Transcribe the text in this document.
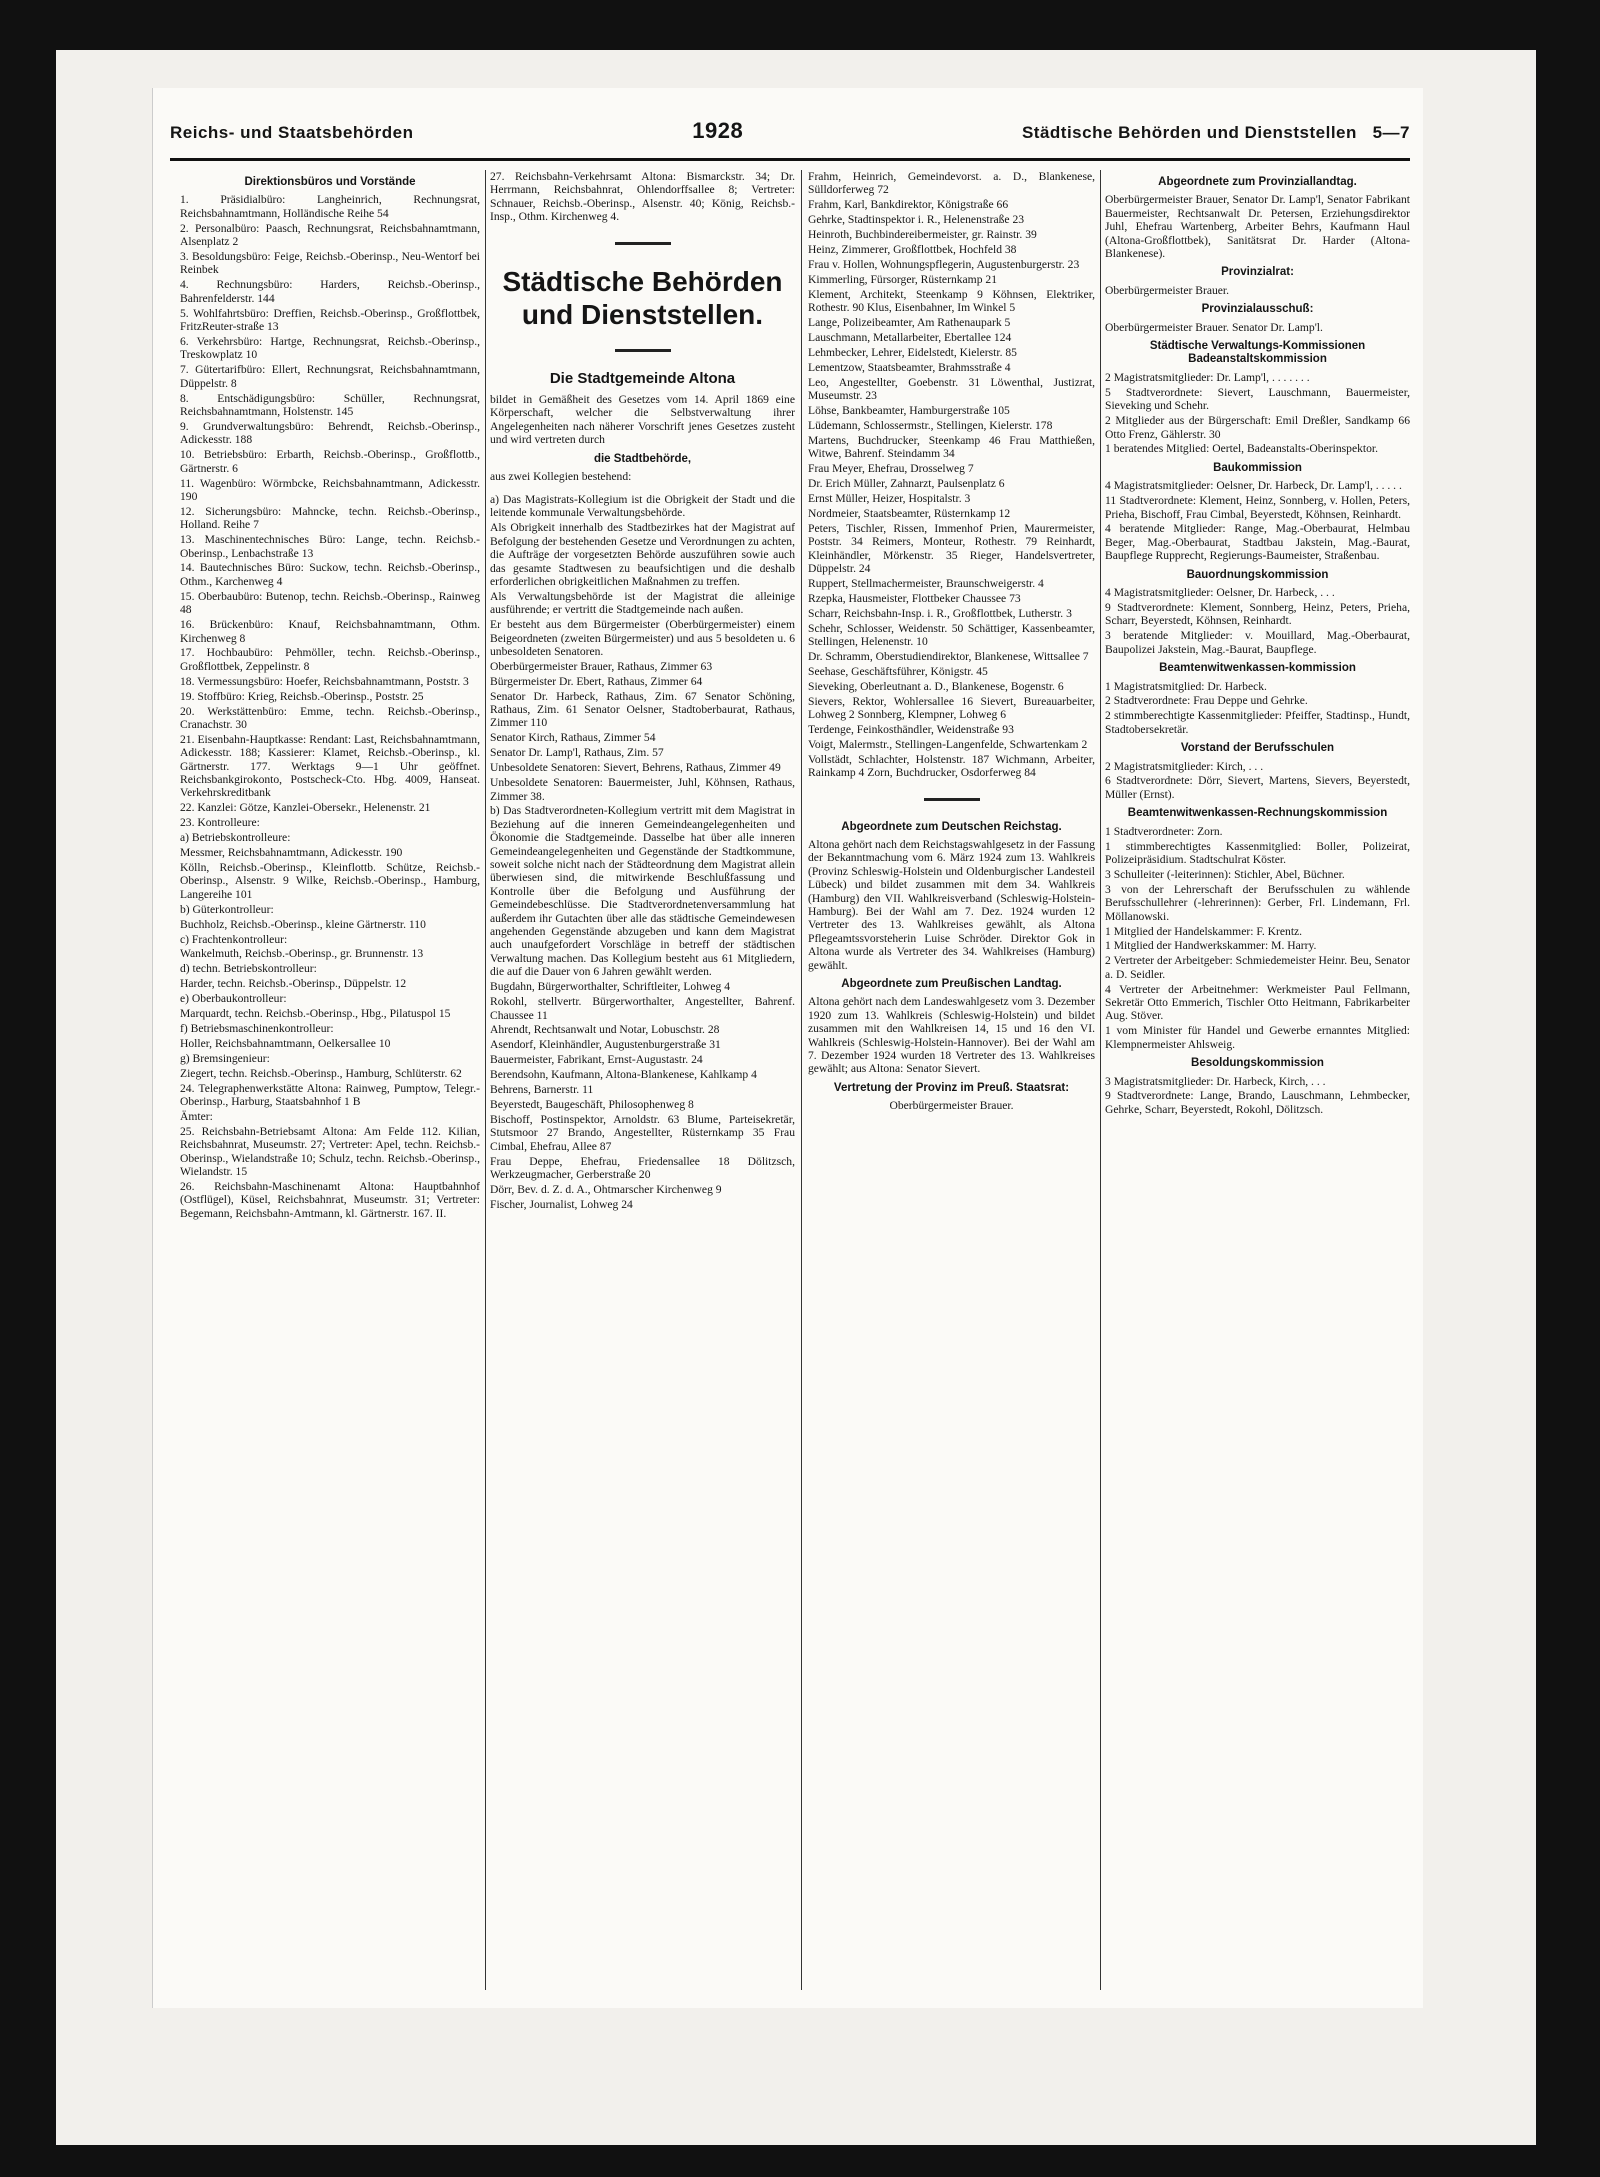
Reichs- und Staatsbehörden	1928	Städtische Behörden und Dienststellen 5—7
Direktionsbüros und Vorstände

1. Präsidialbüro: Langheinrich, Rechnungsrat, Reichsbahnamtmann, Holländische Reihe 54

2. Personalbüro: Paasch, Rechnungsrat, Reichsbahnamtmann, Alsenplatz 2

3. Besoldungsbüro: Feige, Reichsb.-Oberinsp., Neu-Wentorf bei Reinbek

4. Rechnungsbüro: Harders, Reichsb.-Oberinsp., Bahrenfelderstr. 144

5. Wohlfahrtsbüro: Dreffien, Reichsb.-Oberinsp., Großflottbek, FritzReuter-straße 13

6. Verkehrsbüro: Hartge, Rechnungsrat, Reichsb.-Oberinsp., Treskowplatz 10

7. Gütertarifbüro: Ellert, Rechnungsrat, Reichsbahnamtmann, Düppelstr. 8

8. Entschädigungsbüro: Schüller, Rechnungsrat, Reichsbahnamtmann, Holstenstr. 145

9. Grundverwaltungsbüro: Behrendt, Reichsb.-Oberinsp., Adickesstr. 188

10. Betriebsbüro: Erbarth, Reichsb.-Oberinsp., Großflottb., Gärtnerstr. 6

11. Wagenbüro: Wörmbcke, Reichsbahnamtmann, Adickesstr. 190

12. Sicherungsbüro: Mahncke, techn. Reichsb.-Oberinsp., Holland. Reihe 7

13. Maschinentechnisches Büro: Lange, techn. Reichsb.-Oberinsp., Lenbachstraße 13

14. Bautechnisches Büro: Suckow, techn. Reichsb.-Oberinsp., Othm., Karchenweg 4

15. Oberbaubüro: Butenop, techn. Reichsb.-Oberinsp., Rainweg 48

16. Brückenbüro: Knauf, Reichsbahnamtmann, Othm. Kirchenweg 8

17. Hochbaubüro: Pehmöller, techn. Reichsb.-Oberinsp., Großflottbek, Zeppelinstr. 8

18. Vermessungsbüro: Hoefer, Reichsbahnamtmann, Poststr. 3

19. Stoffbüro: Krieg, Reichsb.-Oberinsp., Poststr. 25

20. Werkstättenbüro: Emme, techn. Reichsb.-Oberinsp., Cranachstr. 30

21. Eisenbahn-Hauptkasse: Rendant: Last, Reichsbahnamtmann, Adickesstr. 188; Kassierer: Klamet, Reichsb.-Oberinsp., kl. Gärtnerstr. 177. Werktags 9—1 Uhr geöffnet. Reichsbankgirokonto, Postscheck-Cto. Hbg. 4009, Hanseat. Verkehrskreditbank

22. Kanzlei: Götze, Kanzlei-Obersekr., Helenenstr. 21

23. Kontrolleure:

a) Betriebskontrolleure:

Messmer, Reichsbahnamtmann, Adickesstr. 190

Kölln, Reichsb.-Oberinsp., Kleinflottb. Schütze, Reichsb.-Oberinsp., Alsenstr. 9 Wilke, Reichsb.-Oberinsp., Hamburg, Langereihe 101

b) Güterkontrolleur:

Buchholz, Reichsb.-Oberinsp., kleine Gärtnerstr. 110

c) Frachtenkontrolleur:

Wankelmuth, Reichsb.-Oberinsp., gr. Brunnenstr. 13

d) techn. Betriebskontrolleur:

Harder, techn. Reichsb.-Oberinsp., Düppelstr. 12

e) Oberbaukontrolleur:

Marquardt, techn. Reichsb.-Oberinsp., Hbg., Pilatuspol 15

f) Betriebsmaschinenkontrolleur:

Holler, Reichsbahnamtmann, Oelkersallee 10

g) Bremsingenieur:

Ziegert, techn. Reichsb.-Oberinsp., Hamburg, Schlüterstr. 62

24. Telegraphenwerkstätte Altona: Rainweg, Pumptow, Telegr.-Oberinsp., Harburg, Staatsbahnhof 1 B

Ämter:

25. Reichsbahn-Betriebsamt Altona: Am Felde 112. Kilian, Reichsbahnrat, Museumstr. 27; Vertreter: Apel, techn. Reichsb.-Oberinsp., Wielandstraße 10; Schulz, techn. Reichsb.-Oberinsp., Wielandstr. 15

26. Reichsbahn-Maschinenamt Altona: Hauptbahnhof (Ostflügel), Küsel, Reichsbahnrat, Museumstr. 31; Vertreter: Begemann, Reichsbahn-Amtmann, kl. Gärtnerstr. 167. II.

27. Reichsbahn-Verkehrsamt Altona: Bismarckstr. 34; Dr. Herrmann, Reichsbahnrat, Ohlendorffsallee 8; Vertreter: Schnauer, Reichsb.-Oberinsp., Alsenstr. 40; König, Reichsb.-Insp., Othm. Kirchenweg 4.

Städtische Behörden und Dienststellen.
Die Stadtgemeinde Altona

bildet in Gemäßheit des Gesetzes vom 14. April 1869 eine Körperschaft, welcher die Selbstverwaltung ihrer Angelegenheiten nach näherer Vorschrift jenes Gesetzes zusteht und wird vertreten durch

die Stadtbehörde,

aus zwei Kollegien bestehend:

a) Das Magistrats-Kollegium ist die Obrigkeit der Stadt und die leitende kommunale Verwaltungsbehörde.

Als Obrigkeit innerhalb des Stadtbezirkes hat der Magistrat auf Befolgung der bestehenden Gesetze und Verordnungen zu achten, die Aufträge der vorgesetzten Behörde auszuführen sowie auch das gesamte Stadtwesen zu beaufsichtigen und die deshalb erforderlichen obrigkeitlichen Maßnahmen zu treffen.

Als Verwaltungsbehörde ist der Magistrat die alleinige ausführende; er vertritt die Stadtgemeinde nach außen.

Er besteht aus dem Bürgermeister (Oberbürgermeister) einem Beigeordneten (zweiten Bürgermeister) und aus 5 besoldeten u. 6 unbesoldeten Senatoren.

Oberbürgermeister Brauer, Rathaus, Zimmer 63

Bürgermeister Dr. Ebert, Rathaus, Zimmer 64

Senator Dr. Harbeck, Rathaus, Zim. 67 Senator Schöning, Rathaus, Zim. 61 Senator Oelsner, Stadtoberbaurat, Rathaus, Zimmer 110

Senator Kirch, Rathaus, Zimmer 54

Senator Dr. Lamp'l, Rathaus, Zim. 57

Unbesoldete Senatoren: Sievert, Behrens, Rathaus, Zimmer 49

Unbesoldete Senatoren: Bauermeister, Juhl, Köhnsen, Rathaus, Zimmer 38.

b) Das Stadtverordneten-Kollegium vertritt mit dem Magistrat in Beziehung auf die inneren Gemeindeangelegenheiten und Ökonomie die Stadtgemeinde. Dasselbe hat über alle inneren Gemeindeangelegenheiten und Gegenstände der Stadtkommune, soweit solche nicht nach der Städteordnung dem Magistrat allein überwiesen sind, die mitwirkende Beschlußfassung und Kontrolle über die Befolgung und Ausführung der Gemeindebeschlüsse. Die Stadtverordnetenversammlung hat außerdem ihr Gutachten über alle das städtische Gemeindewesen angehenden Gegenstände abzugeben und kann dem Magistrat auch unaufgefordert Vorschläge in betreff der städtischen Verwaltung machen. Das Kollegium besteht aus 61 Mitgliedern, die auf die Dauer von 6 Jahren gewählt werden.

Bugdahn, Bürgerworthalter, Schriftleiter, Lohweg 4

Rokohl, stellvertr. Bürgerworthalter, Angestellter, Bahrenf. Chaussee 11

Ahrendt, Rechtsanwalt und Notar, Lobuschstr. 28

Asendorf, Kleinhändler, Augustenburgerstraße 31

Bauermeister, Fabrikant, Ernst-Augustastr. 24

Berendsohn, Kaufmann, Altona-Blankenese, Kahlkamp 4

Behrens, Barnerstr. 11

Beyerstedt, Baugeschäft, Philosophenweg 8

Bischoff, Postinspektor, Arnoldstr. 63 Blume, Parteisekretär, Stutsmoor 27 Brando, Angestellter, Rüsternkamp 35 Frau Cimbal, Ehefrau, Allee 87

Frau Deppe, Ehefrau, Friedensallee 18 Dölitzsch, Werkzeugmacher, Gerberstraße 20

Dörr, Bev. d. Z. d. A., Ohtmarscher Kirchenweg 9

Fischer, Journalist, Lohweg 24

Frahm, Heinrich, Gemeindevorst. a. D., Blankenese, Sülldorferweg 72

Frahm, Karl, Bankdirektor, Königstraße 66

Gehrke, Stadtinspektor i. R., Helenenstraße 23

Heinroth, Buchbindereibermeister, gr. Rainstr. 39

Heinz, Zimmerer, Großflottbek, Hochfeld 38

Frau v. Hollen, Wohnungspflegerin, Augustenburgerstr. 23

Kimmerling, Fürsorger, Rüsternkamp 21

Klement, Architekt, Steenkamp 9 Köhnsen, Elektriker, Rothestr. 90 Klus, Eisenbahner, Im Winkel 5

Lange, Polizeibeamter, Am Rathenaupark 5

Lauschmann, Metallarbeiter, Ebertallee 124

Lehmbecker, Lehrer, Eidelstedt, Kielerstr. 85

Lementzow, Staatsbeamter, Brahmsstraße 4

Leo, Angestellter, Goebenstr. 31 Löwenthal, Justizrat, Museumstr. 23

Löhse, Bankbeamter, Hamburgerstraße 105

Lüdemann, Schlossermstr., Stellingen, Kielerstr. 178

Martens, Buchdrucker, Steenkamp 46 Frau Matthießen, Witwe, Bahrenf. Steindamm 34

Frau Meyer, Ehefrau, Drosselweg 7

Dr. Erich Müller, Zahnarzt, Paulsenplatz 6

Ernst Müller, Heizer, Hospitalstr. 3

Nordmeier, Staatsbeamter, Rüsternkamp 12

Peters, Tischler, Rissen, Immenhof Prien, Maurermeister, Poststr. 34 Reimers, Monteur, Rothestr. 79 Reinhardt, Kleinhändler, Mörkenstr. 35 Rieger, Handelsvertreter, Düppelstr. 24

Ruppert, Stellmachermeister, Braunschweigerstr. 4

Rzepka, Hausmeister, Flottbeker Chaussee 73

Scharr, Reichsbahn-Insp. i. R., Großflottbek, Lutherstr. 3

Schehr, Schlosser, Weidenstr. 50 Schättiger, Kassenbeamter, Stellingen, Helenenstr. 10

Dr. Schramm, Oberstudiendirektor, Blankenese, Wittsallee 7

Seehase, Geschäftsführer, Königstr. 45

Sieveking, Oberleutnant a. D., Blankenese, Bogenstr. 6

Sievers, Rektor, Wohlersallee 16 Sievert, Bureauarbeiter, Lohweg 2 Sonnberg, Klempner, Lohweg 6

Terdenge, Feinkosthändler, Weidenstraße 93

Voigt, Malermstr., Stellingen-Langenfelde, Schwartenkam 2

Vollstädt, Schlachter, Holstenstr. 187 Wichmann, Arbeiter, Rainkamp 4 Zorn, Buchdrucker, Osdorferweg 84

Abgeordnete zum Deutschen Reichstag.

Altona gehört nach dem Reichstagswahlgesetz in der Fassung der Bekanntmachung vom 6. März 1924 zum 13. Wahlkreis (Provinz Schleswig-Holstein und Oldenburgischer Landesteil Lübeck) und bildet zusammen mit dem 34. Wahlkreis (Hamburg) den VII. Wahlkreisverband (Schleswig-Holstein-Hamburg). Bei der Wahl am 7. Dez. 1924 wurden 12 Vertreter des 13. Wahlkreises gewählt, als Altona Pflegeamtssvorsteherin Luise Schröder. Direktor Gok in Altona wurde als Vertreter des 34. Wahlkreises (Hamburg) gewählt.

Abgeordnete zum Preußischen Landtag.

Altona gehört nach dem Landeswahlgesetz vom 3. Dezember 1920 zum 13. Wahlkreis (Schleswig-Holstein) und bildet zusammen mit den Wahlkreisen 14, 15 und 16 den VI. Wahlkreis (Schleswig-Holstein-Hannover). Bei der Wahl am 7. Dezember 1924 wurden 18 Vertreter des 13. Wahlkreises gewählt; aus Altona: Senator Sievert.

Vertretung der Provinz im Preuß. Staatsrat:

Oberbürgermeister Brauer.

Abgeordnete zum Provinziallandtag.

Oberbürgermeister Brauer, Senator Dr. Lamp'l, Senator Fabrikant Bauermeister, Rechtsanwalt Dr. Petersen, Erziehungsdirektor Juhl, Ehefrau Wartenberg, Arbeiter Behrs, Kaufmann Haul (Altona-Großflottbek), Sanitätsrat Dr. Harder (Altona-Blankenese).

Provinzialrat:

Oberbürgermeister Brauer.

Provinzialausschuß:

Oberbürgermeister Brauer. Senator Dr. Lamp'l.

Städtische Verwaltungs-Kommissionen Badeanstaltskommission

2 Magistratsmitglieder: Dr. Lamp'l, . . . . . . .

5 Stadtverordnete: Sievert, Lauschmann, Bauermeister, Sieveking und Schehr.

2 Mitglieder aus der Bürgerschaft: Emil Dreßler, Sandkamp 66 Otto Frenz, Gählerstr. 30

1 beratendes Mitglied: Oertel, Badeanstalts-Oberinspektor.

Baukommission

4 Magistratsmitglieder: Oelsner, Dr. Harbeck, Dr. Lamp'l, . . . . .

11 Stadtverordnete: Klement, Heinz, Sonnberg, v. Hollen, Peters, Prieha, Bischoff, Frau Cimbal, Beyerstedt, Köhnsen, Reinhardt.

4 beratende Mitglieder: Range, Mag.-Oberbaurat, Helmbau Beger, Mag.-Oberbaurat, Stadtbau Jakstein, Mag.-Baurat, Baupflege Rupprecht, Regierungs-Baumeister, Straßenbau.

Bauordnungskommission

4 Magistratsmitglieder: Oelsner, Dr. Harbeck, . . .

9 Stadtverordnete: Klement, Sonnberg, Heinz, Peters, Prieha, Scharr, Beyerstedt, Köhnsen, Reinhardt.

3 beratende Mitglieder: v. Mouillard, Mag.-Oberbaurat, Baupolizei Jakstein, Mag.-Baurat, Baupflege.

Beamtenwitwenkassen-kommission

1 Magistratsmitglied: Dr. Harbeck.

2 Stadtverordnete: Frau Deppe und Gehrke.

2 stimmberechtigte Kassenmitglieder: Pfeiffer, Stadtinsp., Hundt, Stadtobersekretär.

Vorstand der Berufsschulen

2 Magistratsmitglieder: Kirch, . . .

6 Stadtverordnete: Dörr, Sievert, Martens, Sievers, Beyerstedt, Müller (Ernst).

Beamtenwitwenkassen-Rechnungskommission

1 Stadtverordneter: Zorn.

1 stimmberechtigtes Kassenmitglied: Boller, Polizeirat, Polizeipräsidium. Stadtschulrat Köster.

3 Schulleiter (-leiterinnen): Stichler, Abel, Büchner.

3 von der Lehrerschaft der Berufsschulen zu wählende Berufsschullehrer (-lehrerinnen): Gerber, Frl. Lindemann, Frl. Möllanowski.

1 Mitglied der Handelskammer: F. Krentz.

1 Mitglied der Handwerkskammer: M. Harry.

2 Vertreter der Arbeitgeber: Schmiedemeister Heinr. Beu, Senator a. D. Seidler.

4 Vertreter der Arbeitnehmer: Werkmeister Paul Fellmann, Sekretär Otto Emmerich, Tischler Otto Heitmann, Fabrikarbeiter Aug. Stöver.

1 vom Minister für Handel und Gewerbe ernanntes Mitglied: Klempnermeister Ahlsweig.

Besoldungskommission

3 Magistratsmitglieder: Dr. Harbeck, Kirch, . . .

9 Stadtverordnete: Lange, Brando, Lauschmann, Lehmbecker, Gehrke, Scharr, Beyerstedt, Rokohl, Dölitzsch.
